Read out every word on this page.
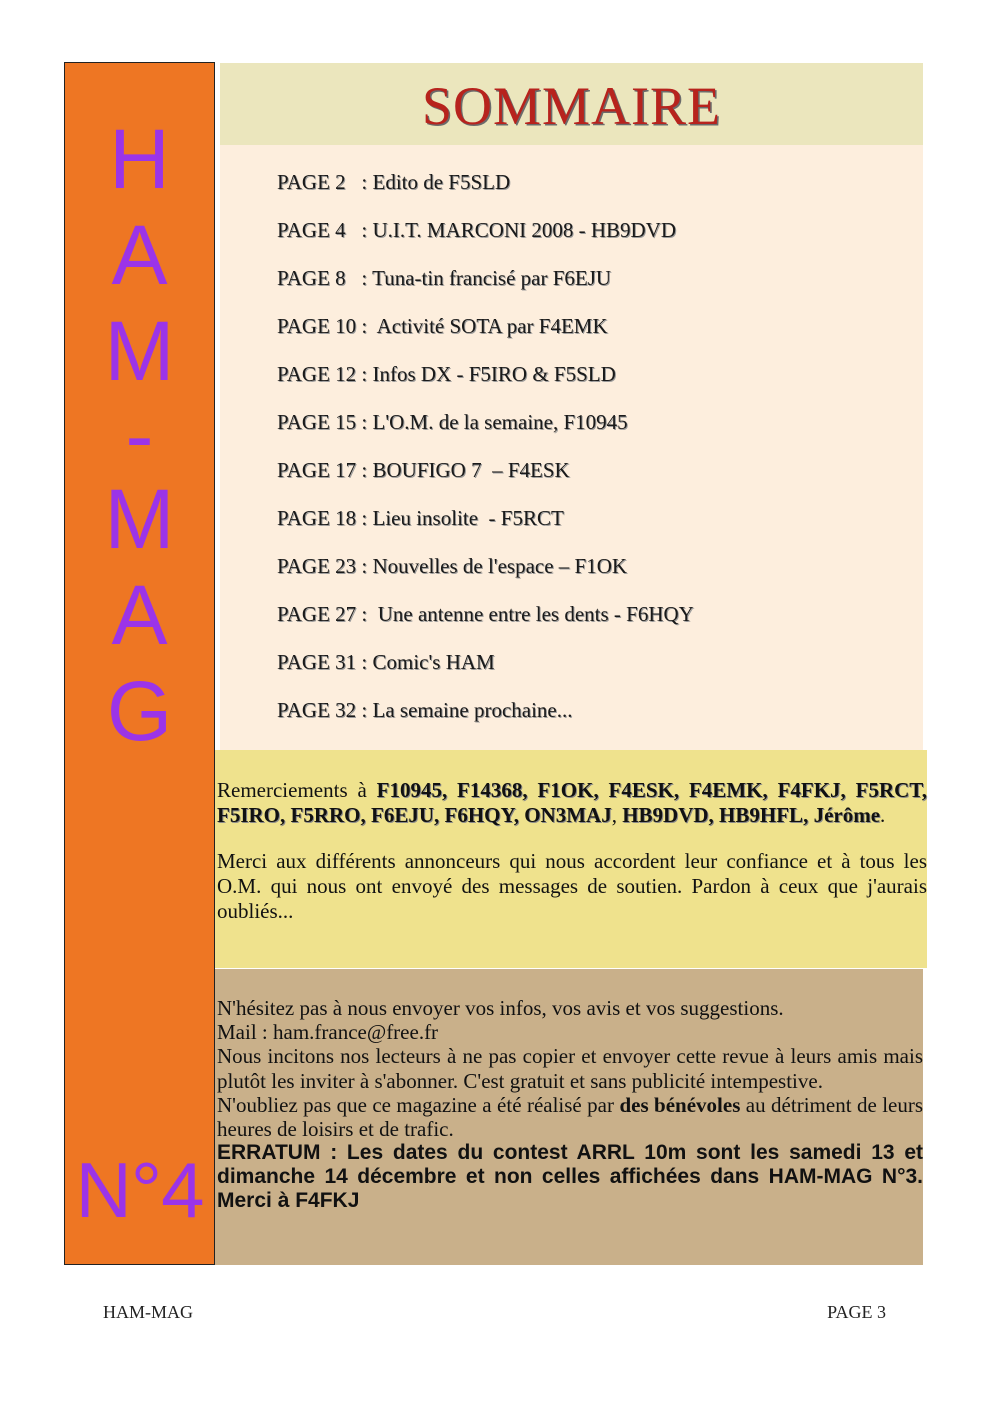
H
A
M
-
M
A
G
N°4
SOMMAIRE
PAGE 2   : Edito de F5SLD
PAGE 4   : U.I.T. MARCONI 2008 - HB9DVD
PAGE 8   : Tuna-tin francisé par F6EJU
PAGE 10 :  Activité SOTA par F4EMK
PAGE 12 : Infos DX - F5IRO & F5SLD
PAGE 15 : L'O.M. de la semaine, F10945
PAGE 17 : BOUFIGO 7  – F4ESK
PAGE 18 : Lieu insolite  - F5RCT
PAGE 23 : Nouvelles de l'espace – F1OK
PAGE 27 :  Une antenne entre les dents - F6HQY
PAGE 31 : Comic's HAM
PAGE 32 : La semaine prochaine...

Remerciements à F10945, F14368, F1OK, F4ESK, F4EMK, F4FKJ, F5RCT, F5IRO, F5RRO, F6EJU, F6HQY, ON3MAJ, HB9DVD, HB9HFL, Jérôme.

Merci aux différents annonceurs qui nous accordent leur confiance et à tous les O.M. qui nous ont envoyé des messages de soutien. Pardon à ceux que j'aurais oubliés...

N'hésitez pas à nous envoyer vos infos, vos avis et vos suggestions.

Mail : ham.france@free.fr

Nous incitons nos lecteurs à ne pas copier et envoyer cette revue à leurs amis mais plutôt les inviter à s'abonner. C'est gratuit et sans publicité intempestive.

N'oubliez pas que ce magazine a été réalisé par des bénévoles au détriment de leurs heures de loisirs et de trafic.

ERRATUM : Les dates du contest ARRL 10m sont les samedi 13 et dimanche 14 décembre et non celles affichées dans HAM-MAG N°3. Merci à F4FKJ

HAM-MAG	PAGE 3
